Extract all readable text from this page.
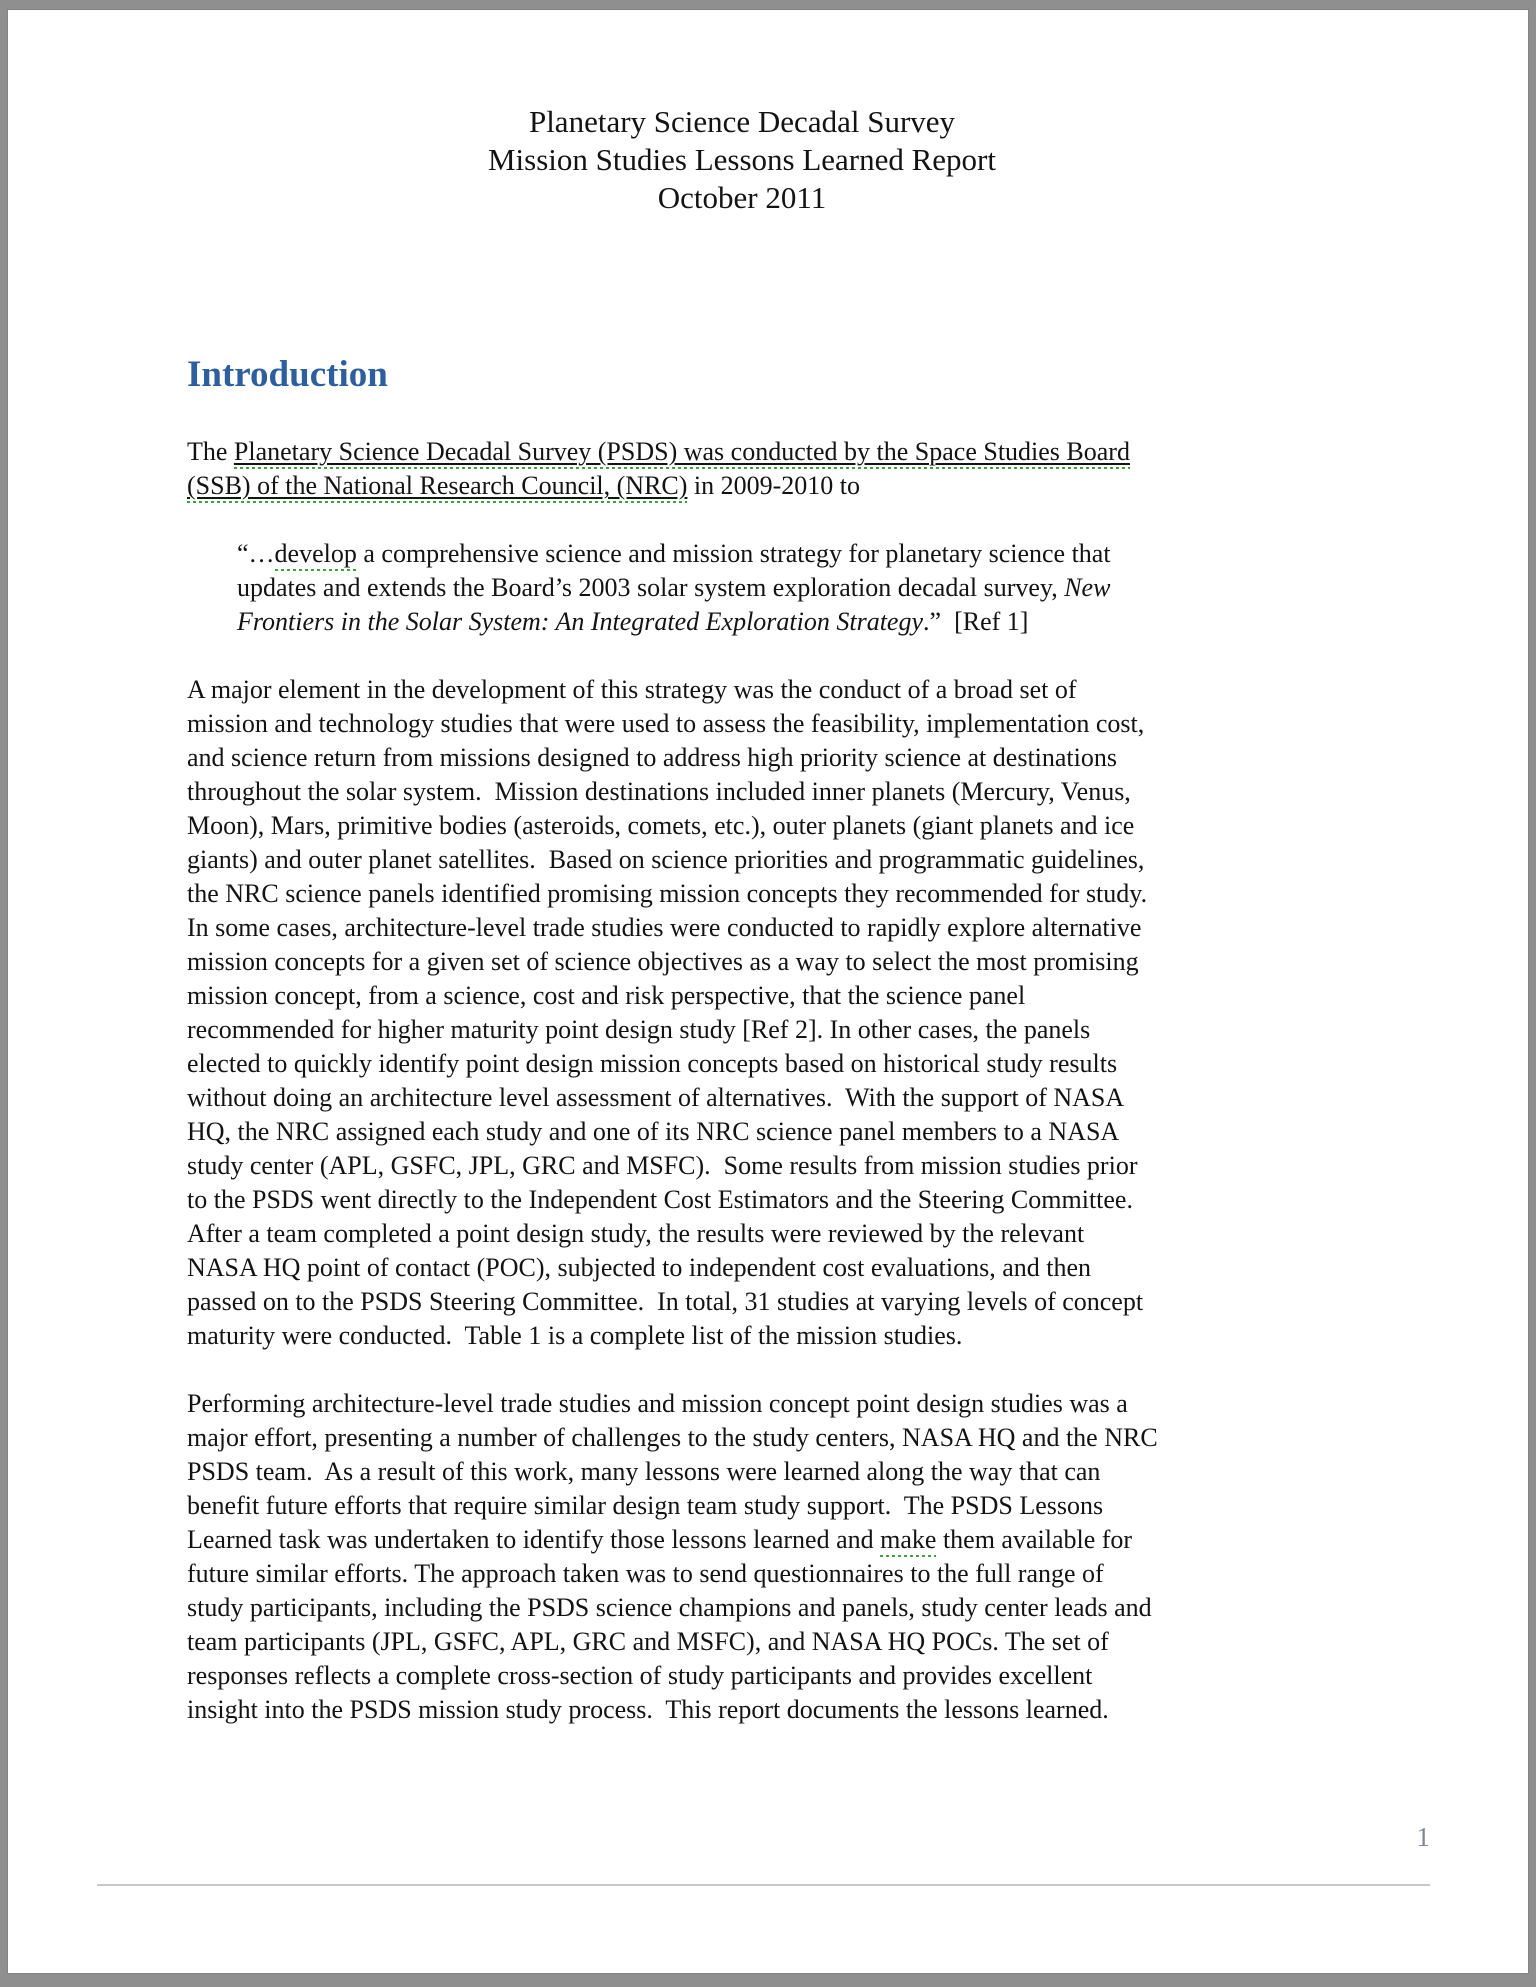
Planetary Science Decadal Survey
Mission Studies Lessons Learned Report
October 2011
Introduction
The Planetary Science Decadal Survey (PSDS) was conducted by the Space Studies Board
(SSB) of the National Research Council, (NRC) in 2009-2010 to
“…develop a comprehensive science and mission strategy for planetary science that
updates and extends the Board’s 2003 solar system exploration decadal survey, New
Frontiers in the Solar System: An Integrated Exploration Strategy.”  [Ref 1]
A major element in the development of this strategy was the conduct of a broad set of
mission and technology studies that were used to assess the feasibility, implementation cost,
and science return from missions designed to address high priority science at destinations
throughout the solar system.  Mission destinations included inner planets (Mercury, Venus,
Moon), Mars, primitive bodies (asteroids, comets, etc.), outer planets (giant planets and ice
giants) and outer planet satellites.  Based on science priorities and programmatic guidelines,
the NRC science panels identified promising mission concepts they recommended for study.
In some cases, architecture-level trade studies were conducted to rapidly explore alternative
mission concepts for a given set of science objectives as a way to select the most promising
mission concept, from a science, cost and risk perspective, that the science panel
recommended for higher maturity point design study [Ref 2]. In other cases, the panels
elected to quickly identify point design mission concepts based on historical study results
without doing an architecture level assessment of alternatives.  With the support of NASA
HQ, the NRC assigned each study and one of its NRC science panel members to a NASA
study center (APL, GSFC, JPL, GRC and MSFC).  Some results from mission studies prior
to the PSDS went directly to the Independent Cost Estimators and the Steering Committee.
After a team completed a point design study, the results were reviewed by the relevant
NASA HQ point of contact (POC), subjected to independent cost evaluations, and then
passed on to the PSDS Steering Committee.  In total, 31 studies at varying levels of concept
maturity were conducted.  Table 1 is a complete list of the mission studies.
Performing architecture-level trade studies and mission concept point design studies was a
major effort, presenting a number of challenges to the study centers, NASA HQ and the NRC
PSDS team.  As a result of this work, many lessons were learned along the way that can
benefit future efforts that require similar design team study support.  The PSDS Lessons
Learned task was undertaken to identify those lessons learned and make them available for
future similar efforts. The approach taken was to send questionnaires to the full range of
study participants, including the PSDS science champions and panels, study center leads and
team participants (JPL, GSFC, APL, GRC and MSFC), and NASA HQ POCs. The set of
responses reflects a complete cross-section of study participants and provides excellent
insight into the PSDS mission study process.  This report documents the lessons learned.
1
